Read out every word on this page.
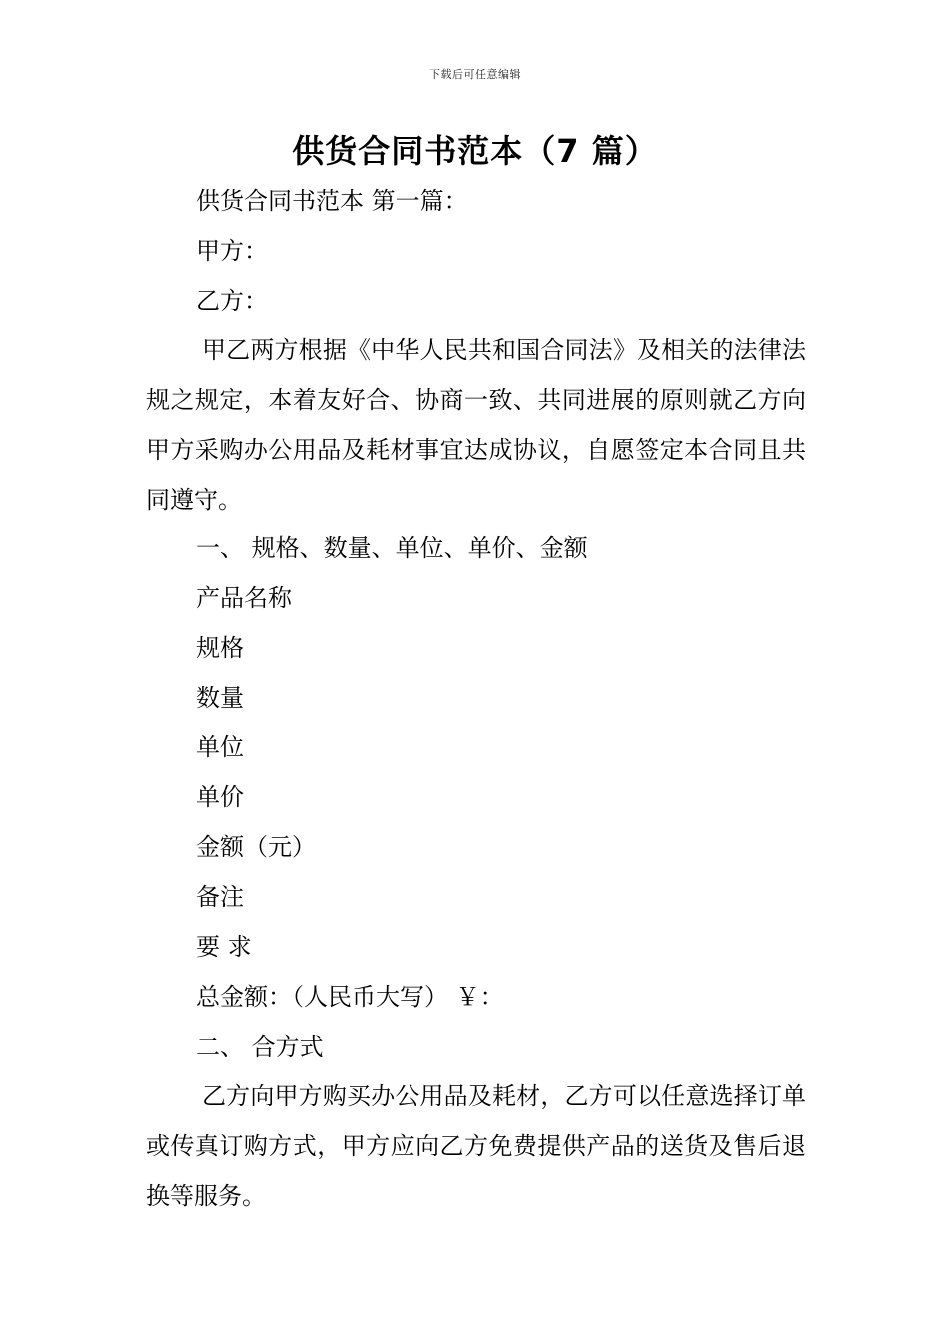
下载后可任意编辑
供货合同书范本（7 篇）
供货合同书范本 第一篇：
甲方：
乙方：
甲乙两方根据《中华人民共和国合同法》及相关的法律法规之规定，本着友好合、协商一致、共同进展的原则就乙方向甲方采购办公用品及耗材事宜达成协议，自愿签定本合同且共同遵守。
一、 规格、数量、单位、单价、金额
产品名称
规格
数量
单位
单价
金额（元）
备注
要 求
总金额：（人民币大写） ￥：
二、 合方式
乙方向甲方购买办公用品及耗材，乙方可以任意选择订单或传真订购方式，甲方应向乙方免费提供产品的送货及售后退换等服务。
